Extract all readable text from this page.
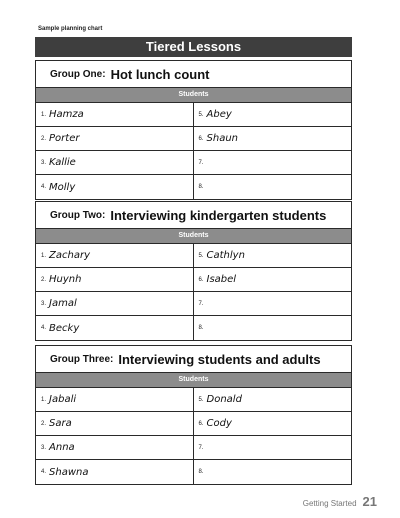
Sample planning chart
Tiered Lessons
Group One: Hot lunch count
Students
1. Hamza	5. Abey
2. Porter	6. Shaun
3. Kallie	7.
4. Molly	8.
Group Two: Interviewing kindergarten students
Students
1. Zachary	5. Cathlyn
2. Huynh	6. Isabel
3. Jamal	7.
4. Becky	8.
Group Three: Interviewing students and adults
Students
1. Jabali	5. Donald
2. Sara	6. Cody
3. Anna	7.
4. Shawna	8.
Getting Started 21
